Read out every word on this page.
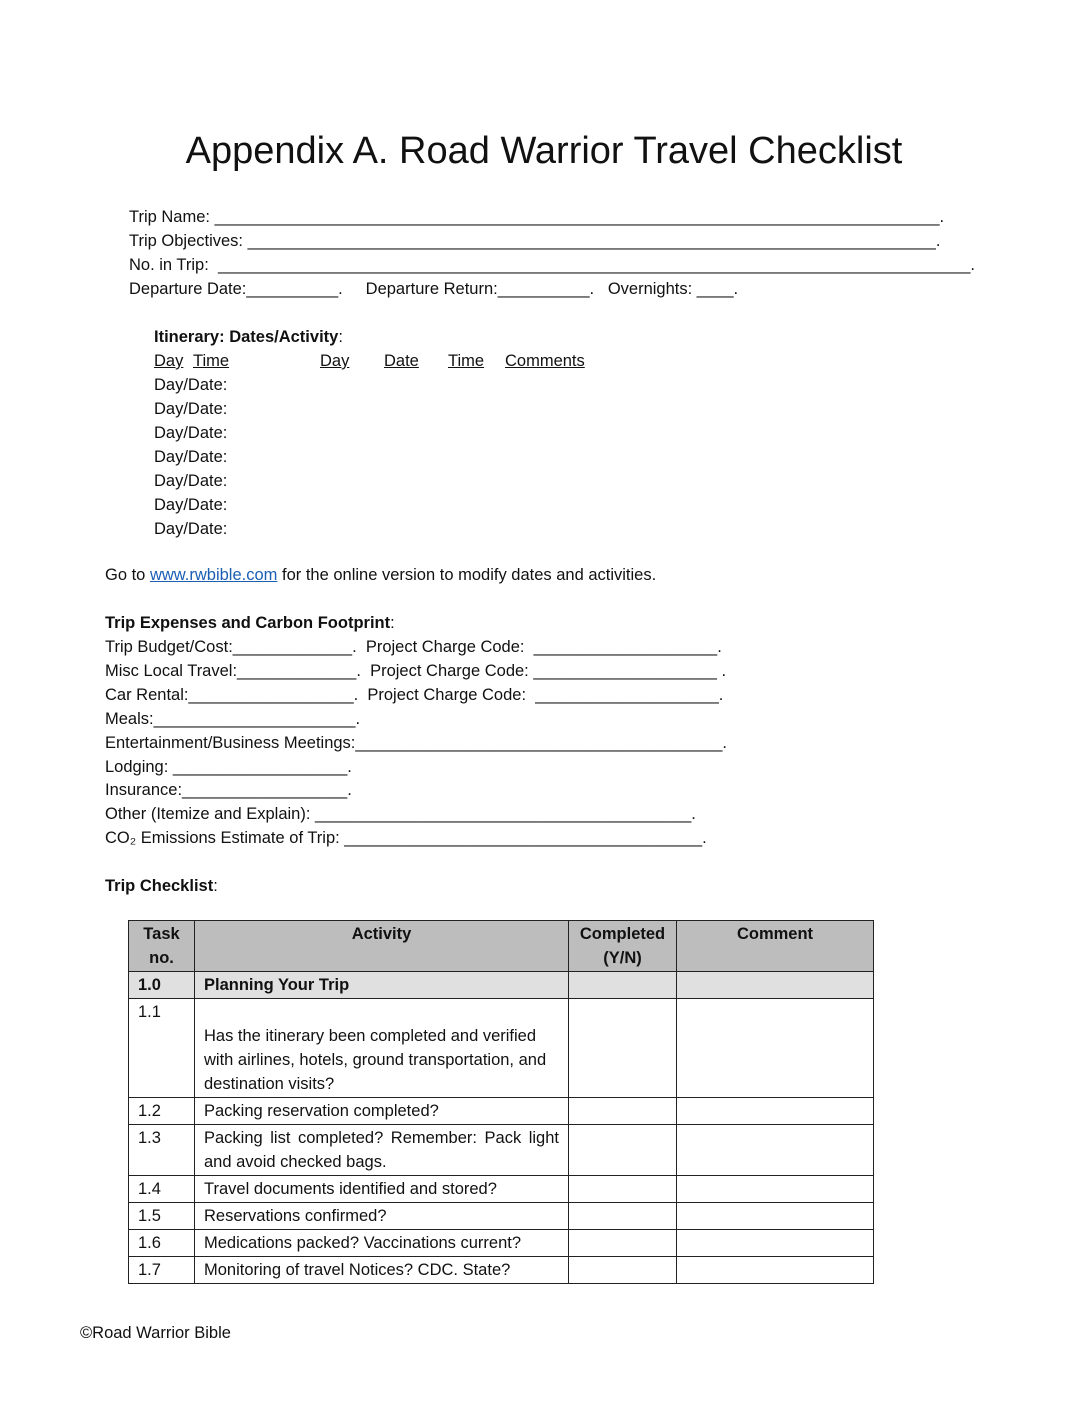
Appendix A. Road Warrior Travel Checklist
Trip Name: _______________________________________________________________________________.
Trip Objectives: ___________________________________________________________________________.
No. in Trip:  __________________________________________________________________________________.
Departure Date:__________.     Departure Return:__________.   Overnights: ____.
Itinerary: Dates/Activity:
Day Time	Day Date Time Comments
Day/Date:
Day/Date:
Day/Date:
Day/Date:
Day/Date:
Day/Date:
Day/Date:
Go to www.rwbible.com for the online version to modify dates and activities.
Trip Expenses and Carbon Footprint:
Trip Budget/Cost:_____________.  Project Charge Code:  ____________________.
Misc Local Travel:_____________.  Project Charge Code: ____________________ .
Car Rental:__________________.  Project Charge Code:  ____________________.
Meals:______________________.
Entertainment/Business Meetings:________________________________________.
Lodging: ___________________.
Insurance:__________________.
Other (Itemize and Explain): _________________________________________.
CO₂ Emissions Estimate of Trip: _______________________________________.
Trip Checklist:
Task no.	Activity	Completed (Y/N)	Comment
1.0	Planning Your Trip		
1.1	Has the itinerary been completed and verified with airlines, hotels, ground transportation, and destination visits?		
1.2	Packing reservation completed?		
1.3	Packing list completed? Remember: Pack light and avoid checked bags.		
1.4	Travel documents identified and stored?		
1.5	Reservations confirmed?		
1.6	Medications packed? Vaccinations current?		
1.7	Monitoring of travel Notices? CDC. State?		
©Road Warrior Bible
